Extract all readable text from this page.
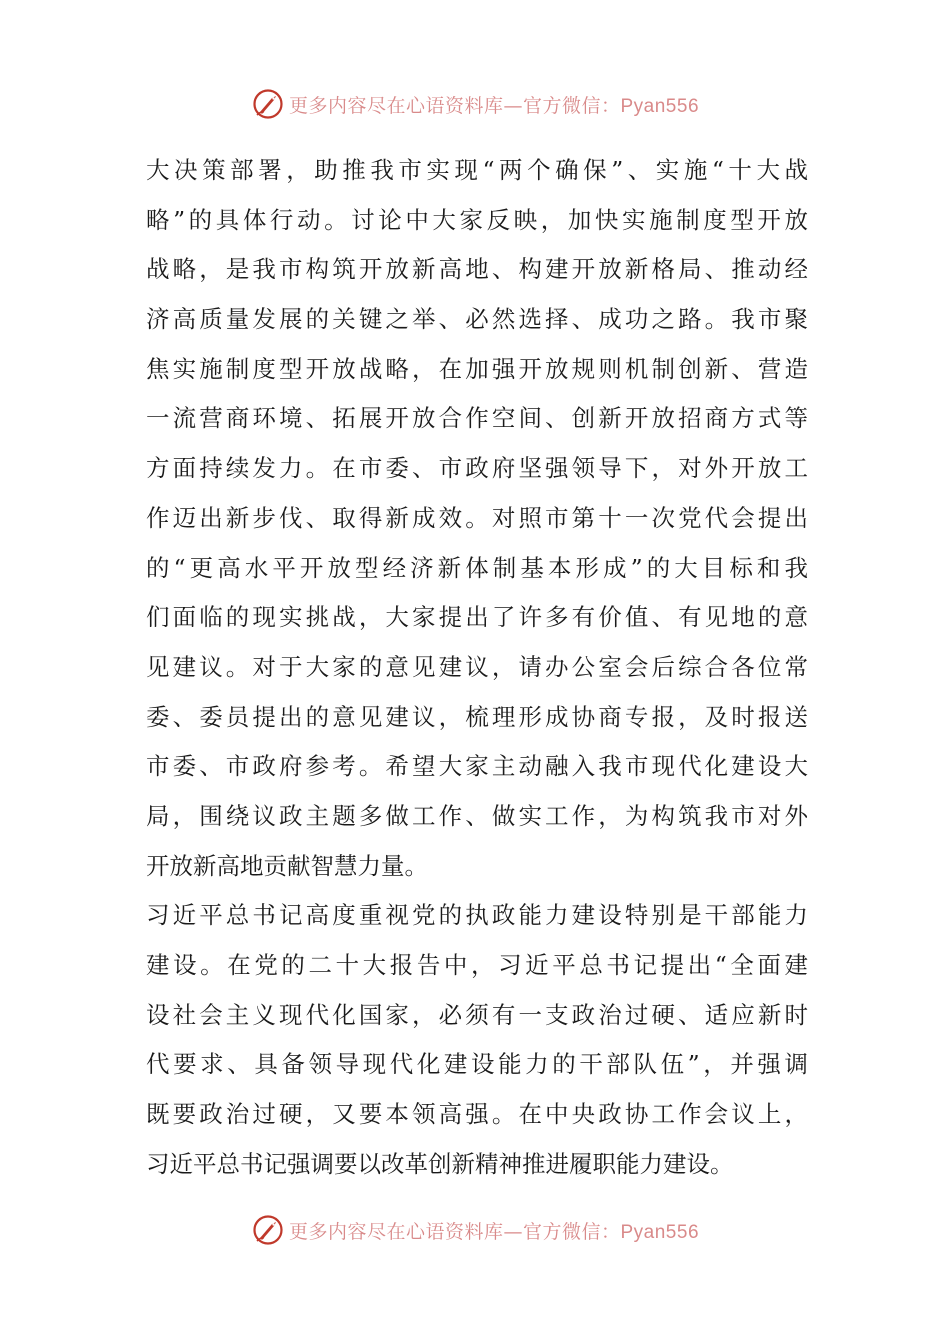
更多内容尽在心语资料库—官方微信：Pyan556
大决策部署，助推我市实现“两个确保”、实施“十大战
略”的具体行动。讨论中大家反映，加快实施制度型开放
战略，是我市构筑开放新高地、构建开放新格局、推动经
济高质量发展的关键之举、必然选择、成功之路。我市聚
焦实施制度型开放战略，在加强开放规则机制创新、营造
一流营商环境、拓展开放合作空间、创新开放招商方式等
方面持续发力。在市委、市政府坚强领导下，对外开放工
作迈出新步伐、取得新成效。对照市第十一次党代会提出
的“更高水平开放型经济新体制基本形成”的大目标和我
们面临的现实挑战，大家提出了许多有价值、有见地的意
见建议。对于大家的意见建议，请办公室会后综合各位常
委、委员提出的意见建议，梳理形成协商专报，及时报送
市委、市政府参考。希望大家主动融入我市现代化建设大
局，围绕议政主题多做工作、做实工作，为构筑我市对外
开放新高地贡献智慧力量。
习近平总书记高度重视党的执政能力建设特别是干部能力
建设。在党的二十大报告中，习近平总书记提出“全面建
设社会主义现代化国家，必须有一支政治过硬、适应新时
代要求、具备领导现代化建设能力的干部队伍”，并强调
既要政治过硬，又要本领高强。在中央政协工作会议上，
习近平总书记强调要以改革创新精神推进履职能力建设。
更多内容尽在心语资料库—官方微信：Pyan556
